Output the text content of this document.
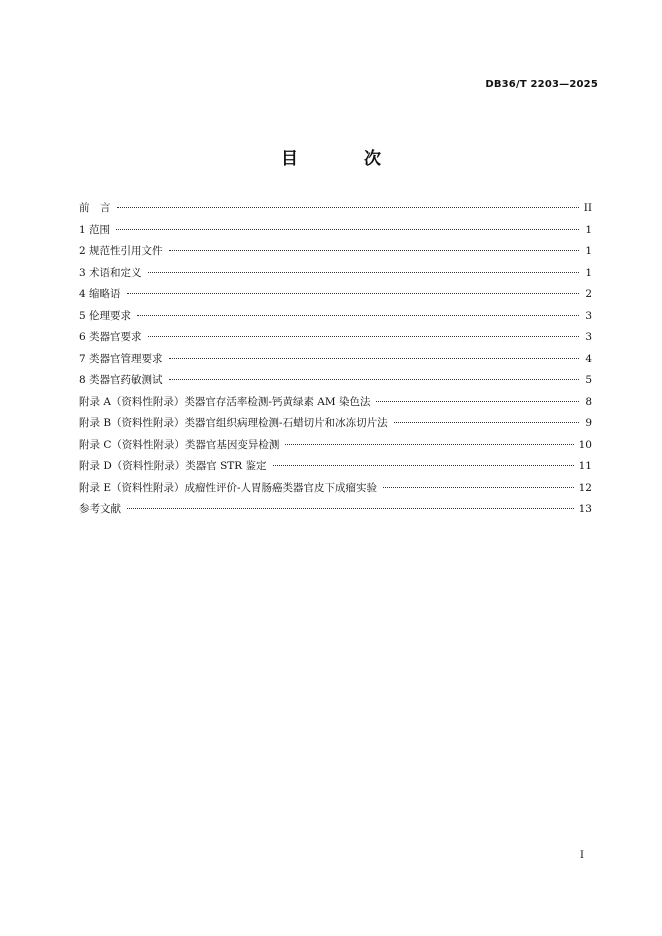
DB36/T 2203—2025
目 次
前　言	II
1 范围	1
2 规范性引用文件	1
3 术语和定义	1
4 缩略语	2
5 伦理要求	3
6 类器官要求	3
7 类器官管理要求	4
8 类器官药敏测试	5
附录 A（资料性附录）类器官存活率检测-钙黄绿素 AM 染色法	8
附录 B（资料性附录）类器官组织病理检测-石蜡切片和冰冻切片法	9
附录 C（资料性附录）类器官基因变异检测	10
附录 D（资料性附录）类器官 STR 鉴定	11
附录 E（资料性附录）成瘤性评价-人胃肠癌类器官皮下成瘤实验	12
参考文献	13
I
